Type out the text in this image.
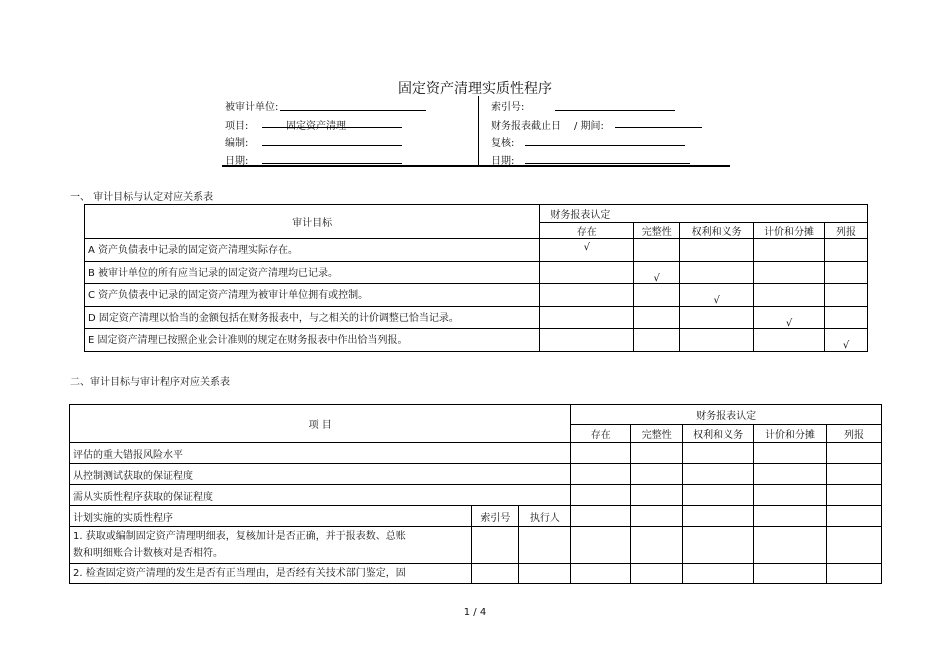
固定资产清理实质性程序
被审计单位:
项目:	固定资产清理
编制:
日期:
索引号:
财务报表截止日 / 期间:
复核:
日期:
一、 审计目标与认定对应关系表
审计目标	财务报表认定				
	存在	完整性	权利和义务	计价和分摊	列报
A 资产负债表中记录的固定资产清理实际存在。	√				
B 被审计单位的所有应当记录的固定资产清理均已记录。		√			
C 资产负债表中记录的固定资产清理为被审计单位拥有或控制。			√		
D 固定资产清理以恰当的金额包括在财务报表中，与之相关的计价调整已恰当记录。				√	
E 固定资产清理已按照企业会计准则的规定在财务报表中作出恰当列报。					√
二、审计目标与审计程序对应关系表
项 目			财务报表认定				
			存在	完整性	权利和义务	计价和分摊	列报
评估的重大错报风险水平							
从控制测试获取的保证程度							
需从实质性程序获取的保证程度							
计划实施的实质性程序	索引号	执行人					

1. 获取或编制固定资产清理明细表，复核加计是否正确，并于报表数、总账
数和明细账合计数核对是否相符。							

2. 检查固定资产清理的发生是否有正当理由，是否经有关技术部门鉴定，固							

1 / 4
